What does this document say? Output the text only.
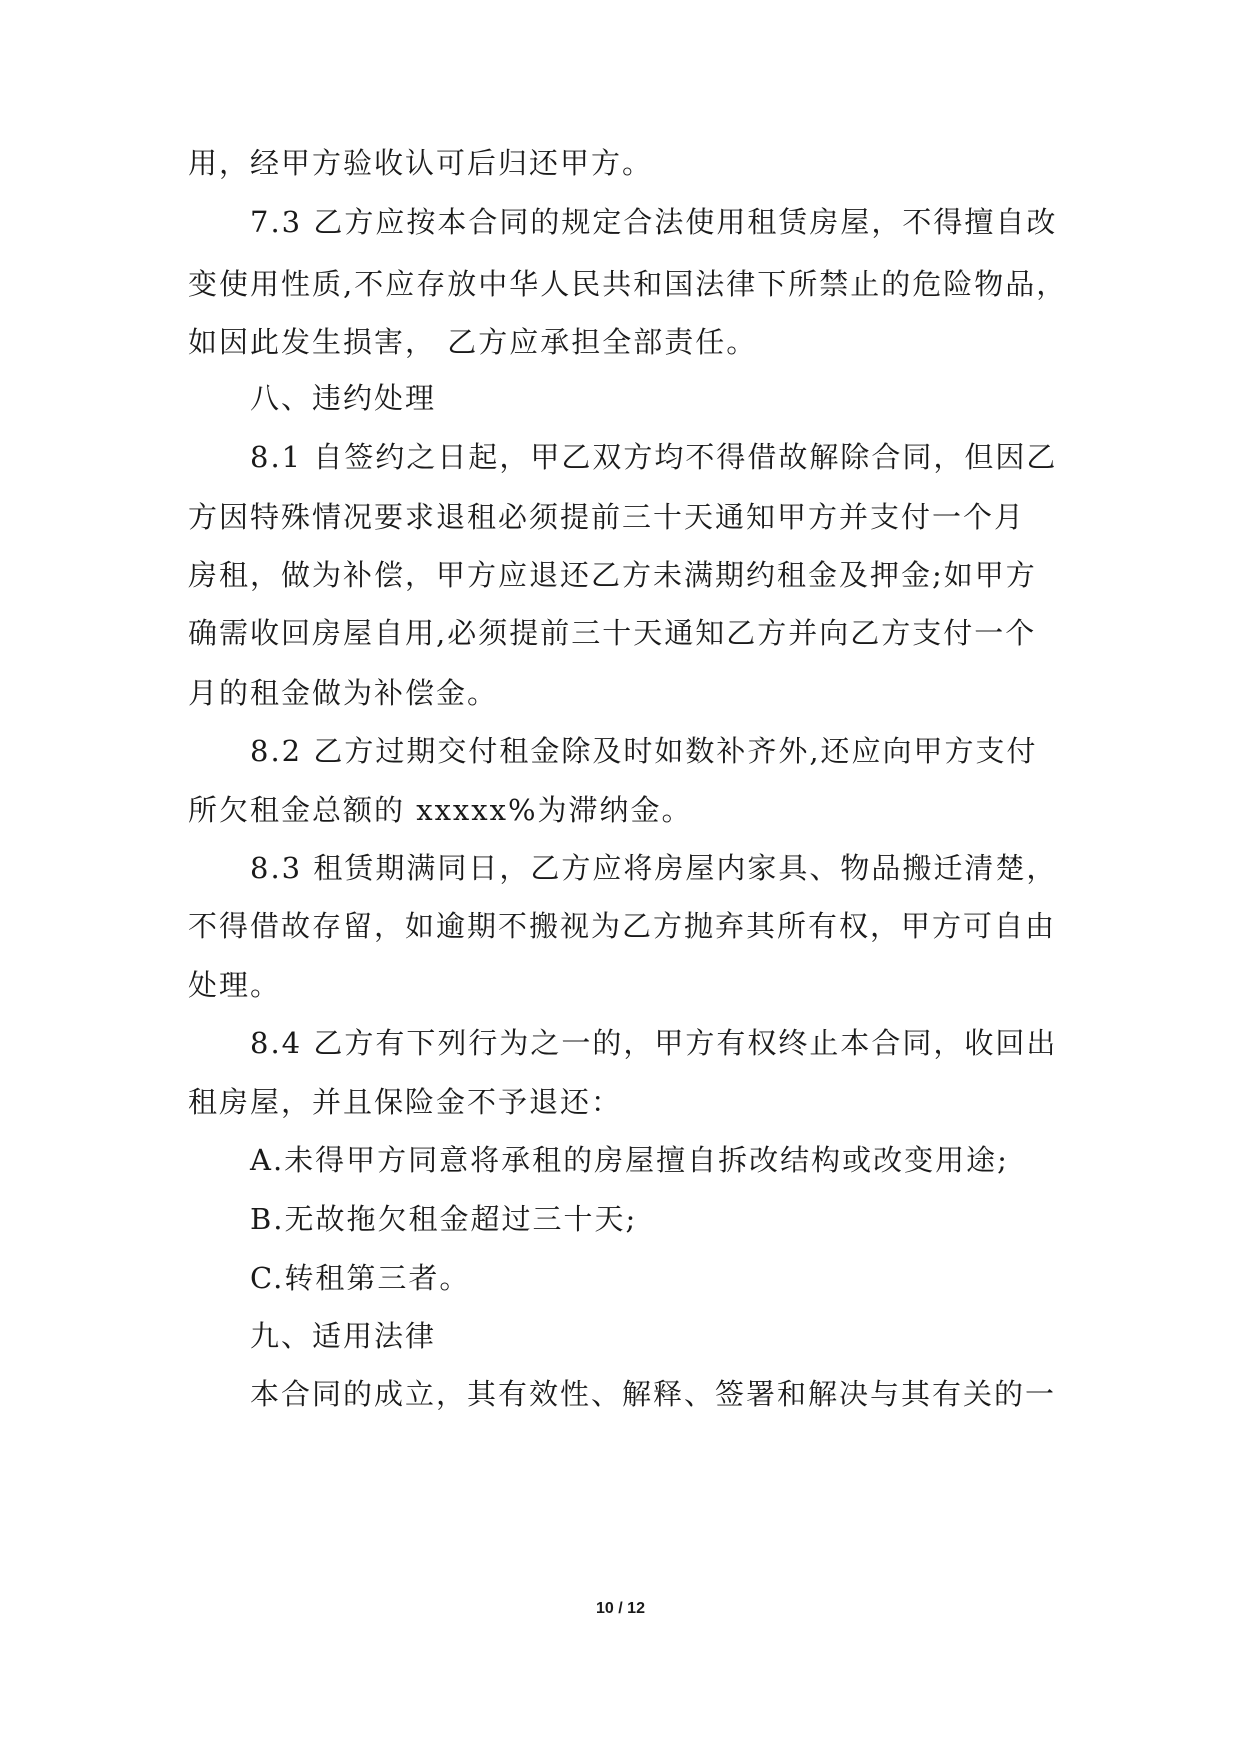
用，经甲方验收认可后归还甲方。
7.3 乙方应按本合同的规定合法使用租赁房屋，不得擅自改
变使用性质,不应存放中华人民共和国法律下所禁止的危险物品，
如因此发生损害， 乙方应承担全部责任。
八、违约处理
8.1 自签约之日起，甲乙双方均不得借故解除合同，但因乙
方因特殊情况要求退租必须提前三十天通知甲方并支付一个月
房租，做为补偿，甲方应退还乙方未满期约租金及押金;如甲方
确需收回房屋自用,必须提前三十天通知乙方并向乙方支付一个
月的租金做为补偿金。
8.2 乙方过期交付租金除及时如数补齐外,还应向甲方支付
所欠租金总额的 xxxxx%为滞纳金。
8.3 租赁期满同日，乙方应将房屋内家具、物品搬迁清楚，
不得借故存留，如逾期不搬视为乙方抛弃其所有权，甲方可自由
处理。
8.4 乙方有下列行为之一的，甲方有权终止本合同，收回出
租房屋，并且保险金不予退还：
A.未得甲方同意将承租的房屋擅自拆改结构或改变用途;
B.无故拖欠租金超过三十天;
C.转租第三者。
九、适用法律
本合同的成立，其有效性、解释、签署和解决与其有关的一
10 / 12
